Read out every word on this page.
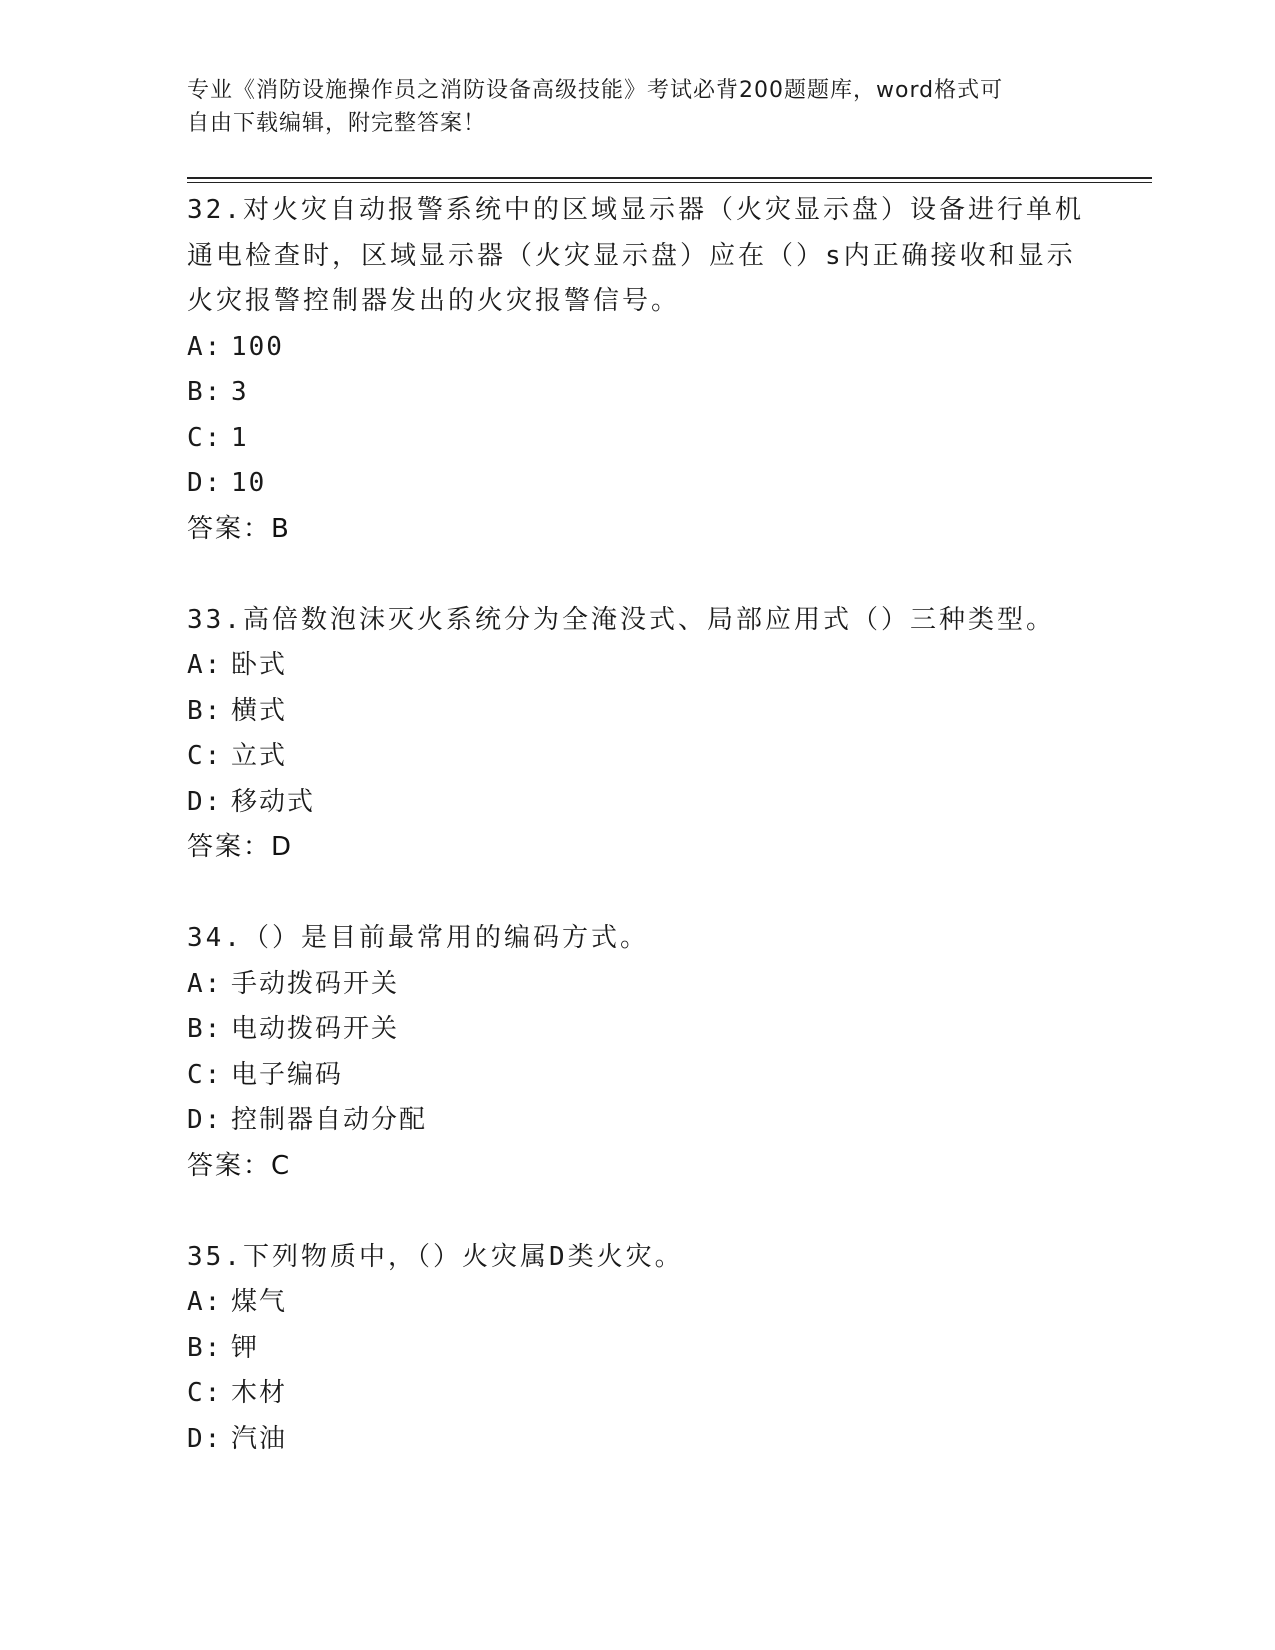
专业《消防设施操作员之消防设备高级技能》考试必背200题题库，word格式可
自由下载编辑，附完整答案！
32.对火灾自动报警系统中的区域显示器（火灾显示盘）设备进行单机
通电检查时，区域显示器（火灾显示盘）应在（）s内正确接收和显示
火灾报警控制器发出的火灾报警信号。
A: 100
B: 3
C: 1
D: 10
答案：B
33.高倍数泡沫灭火系统分为全淹没式、局部应用式（）三种类型。
A: 卧式
B: 横式
C: 立式
D: 移动式
答案：D
34.（）是目前最常用的编码方式。
A: 手动拨码开关
B: 电动拨码开关
C: 电子编码
D: 控制器自动分配
答案：C
35.下列物质中，（）火灾属D类火灾。
A: 煤气
B: 钾
C: 木材
D: 汽油
